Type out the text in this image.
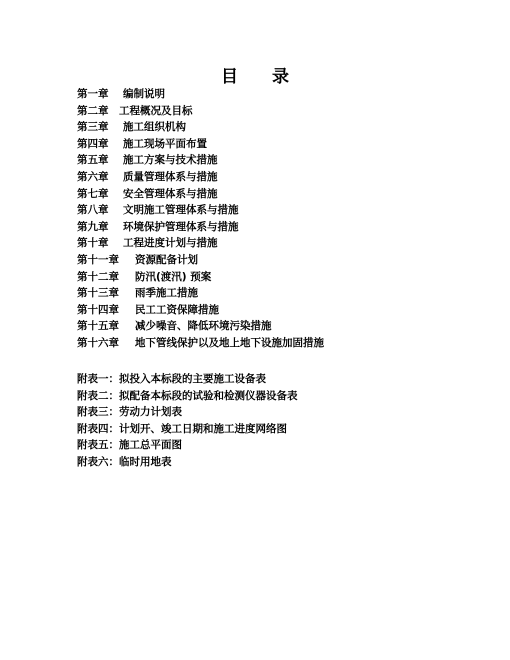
目 录
第一章 编制说明
第二章 工程概况及目标
第三章 施工组织机构
第四章 施工现场平面布置
第五章 施工方案与技术措施
第六章 质量管理体系与措施
第七章 安全管理体系与措施
第八章 文明施工管理体系与措施
第九章 环境保护管理体系与措施
第十章 工程进度计划与措施
第十一章 资源配备计划
第十二章 防汛(渡汛) 预案
第十三章 雨季施工措施
第十四章 民工工资保障措施
第十五章 减少噪音、降低环境污染措施
第十六章 地下管线保护以及地上地下设施加固措施
附表一：拟投入本标段的主要施工设备表
附表二：拟配备本标段的试验和检测仪器设备表
附表三：劳动力计划表
附表四：计划开、竣工日期和施工进度网络图
附表五：施工总平面图
附表六：临时用地表
